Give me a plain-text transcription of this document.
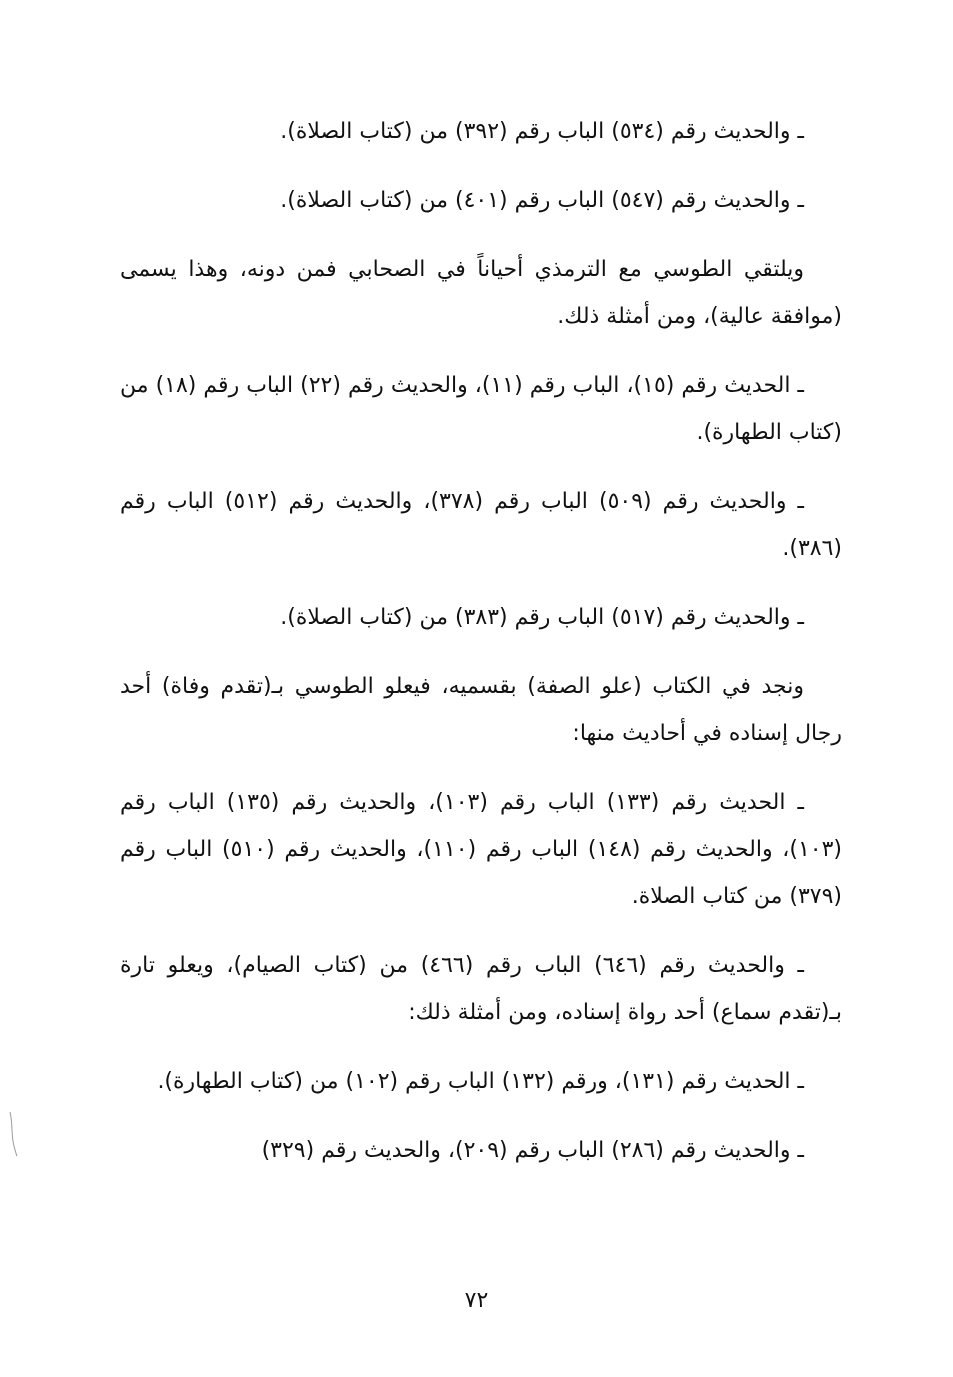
ـ والحديث رقم (٥٣٤) الباب رقم (٣٩٢) من (كتاب الصلاة).

ـ والحديث رقم (٥٤٧) الباب رقم (٤٠١) من (كتاب الصلاة).

ويلتقي الطوسي مع الترمذي أحياناً في الصحابي فمن دونه، وهذا يسمى (موافقة عالية)، ومن أمثلة ذلك.

ـ الحديث رقم (١٥)، الباب رقم (١١)، والحديث رقم (٢٢) الباب رقم (١٨) من (كتاب الطهارة).

ـ والحديث رقم (٥٠٩) الباب رقم (٣٧٨)، والحديث رقم (٥١٢) الباب رقم (٣٨٦).

ـ والحديث رقم (٥١٧) الباب رقم (٣٨٣) من (كتاب الصلاة).

ونجد في الكتاب (علو الصفة) بقسميه، فيعلو الطوسي بـ(تقدم وفاة) أحد رجال إسناده في أحاديث منها:

ـ الحديث رقم (١٣٣) الباب رقم (١٠٣)، والحديث رقم (١٣٥) الباب رقم (١٠٣)، والحديث رقم (١٤٨) الباب رقم (١١٠)، والحديث رقم (٥١٠) الباب رقم (٣٧٩) من كتاب الصلاة.

ـ والحديث رقم (٦٤٦) الباب رقم (٤٦٦) من (كتاب الصيام)، ويعلو تارة بـ(تقدم سماع) أحد رواة إسناده، ومن أمثلة ذلك:

ـ الحديث رقم (١٣١)، ورقم (١٣٢) الباب رقم (١٠٢) من (كتاب الطهارة).

ـ والحديث رقم (٢٨٦) الباب رقم (٢٠٩)، والحديث رقم (٣٢٩)

٧٢
